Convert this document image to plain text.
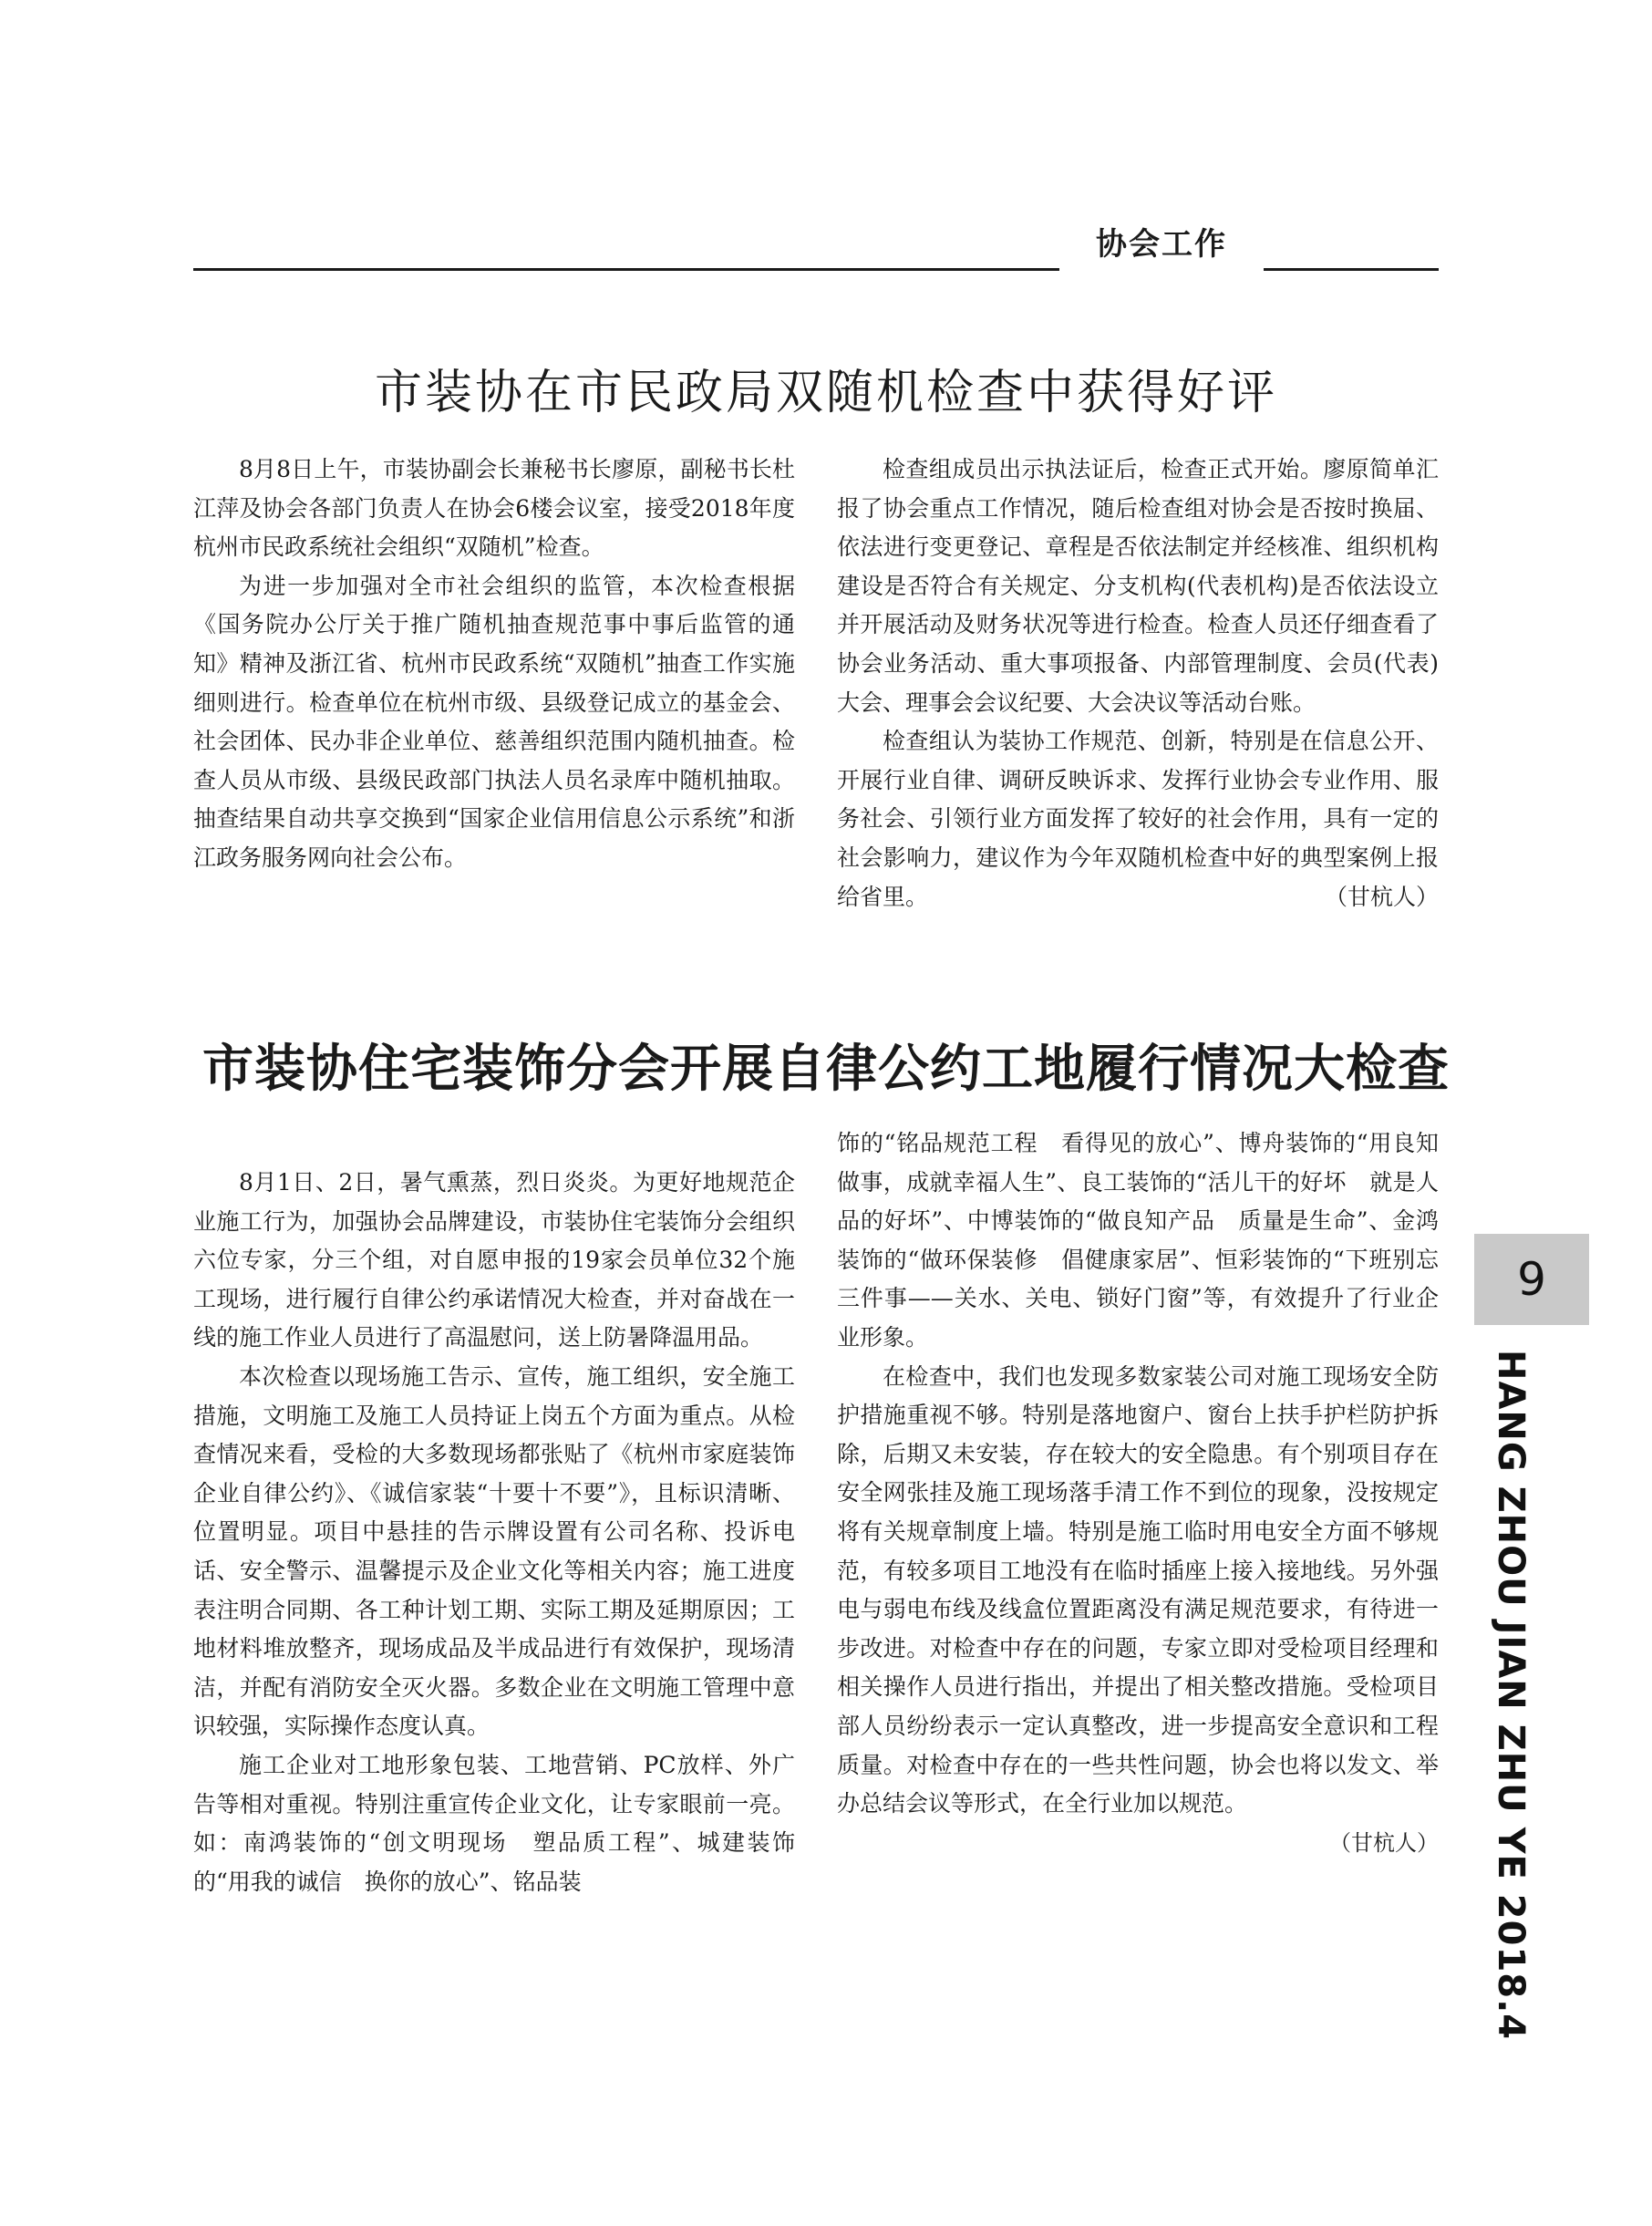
协会工作
市装协在市民政局双随机检查中获得好评

8月8日上午，市装协副会长兼秘书长廖原，副秘书长杜江萍及协会各部门负责人在协会6楼会议室，接受2018年度杭州市民政系统社会组织“双随机”检查。

为进一步加强对全市社会组织的监管，本次检查根据《国务院办公厅关于推广随机抽查规范事中事后监管的通知》精神及浙江省、杭州市民政系统“双随机”抽查工作实施细则进行。检查单位在杭州市级、县级登记成立的基金会、社会团体、民办非企业单位、慈善组织范围内随机抽查。检查人员从市级、县级民政部门执法人员名录库中随机抽取。抽查结果自动共享交换到“国家企业信用信息公示系统”和浙江政务服务网向社会公布。

检查组成员出示执法证后，检查正式开始。廖原简单汇报了协会重点工作情况，随后检查组对协会是否按时换届、依法进行变更登记、章程是否依法制定并经核准、组织机构建设是否符合有关规定、分支机构(代表机构)是否依法设立并开展活动及财务状况等进行检查。检查人员还仔细查看了协会业务活动、重大事项报备、内部管理制度、会员(代表)大会、理事会会议纪要、大会决议等活动台账。

检查组认为装协工作规范、创新，特别是在信息公开、开展行业自律、调研反映诉求、发挥行业协会专业作用、服务社会、引领行业方面发挥了较好的社会作用，具有一定的社会影响力，建议作为今年双随机检查中好的典型案例上报给省里。	（甘杭人）

市装协住宅装饰分会开展自律公约工地履行情况大检查

8月1日、2日，暑气熏蒸，烈日炎炎。为更好地规范企业施工行为，加强协会品牌建设，市装协住宅装饰分会组织六位专家，分三个组，对自愿申报的19家会员单位32个施工现场，进行履行自律公约承诺情况大检查，并对奋战在一线的施工作业人员进行了高温慰问，送上防暑降温用品。

本次检查以现场施工告示、宣传，施工组织，安全施工措施，文明施工及施工人员持证上岗五个方面为重点。从检查情况来看，受检的大多数现场都张贴了《杭州市家庭装饰企业自律公约》、《诚信家装“十要十不要”》，且标识清晰、位置明显。项目中悬挂的告示牌设置有公司名称、投诉电话、安全警示、温馨提示及企业文化等相关内容；施工进度表注明合同期、各工种计划工期、实际工期及延期原因；工地材料堆放整齐，现场成品及半成品进行有效保护，现场清洁，并配有消防安全灭火器。多数企业在文明施工管理中意识较强，实际操作态度认真。

施工企业对工地形象包装、工地营销、PC放样、外广告等相对重视。特别注重宣传企业文化，让专家眼前一亮。如：南鸿装饰的“创文明现场　塑品质工程”、城建装饰的“用我的诚信　换你的放心”、铭品装

饰的“铭品规范工程　看得见的放心”、博舟装饰的“用良知做事，成就幸福人生”、良工装饰的“活儿干的好坏　就是人品的好坏”、中博装饰的“做良知产品　质量是生命”、金鸿装饰的“做环保装修　倡健康家居”、恒彩装饰的“下班别忘三件事——关水、关电、锁好门窗”等，有效提升了行业企业形象。

在检查中，我们也发现多数家装公司对施工现场安全防护措施重视不够。特别是落地窗户、窗台上扶手护栏防护拆除，后期又未安装，存在较大的安全隐患。有个别项目存在安全网张挂及施工现场落手清工作不到位的现象，没按规定将有关规章制度上墙。特别是施工临时用电安全方面不够规范，有较多项目工地没有在临时插座上接入接地线。另外强电与弱电布线及线盒位置距离没有满足规范要求，有待进一步改进。对检查中存在的问题，专家立即对受检项目经理和相关操作人员进行指出，并提出了相关整改措施。受检项目部人员纷纷表示一定认真整改，进一步提高安全意识和工程质量。对检查中存在的一些共性问题，协会也将以发文、举办总结会议等形式，在全行业加以规范。

（甘杭人）
9
HANG ZHOU JIAN ZHU YE 2018.4
